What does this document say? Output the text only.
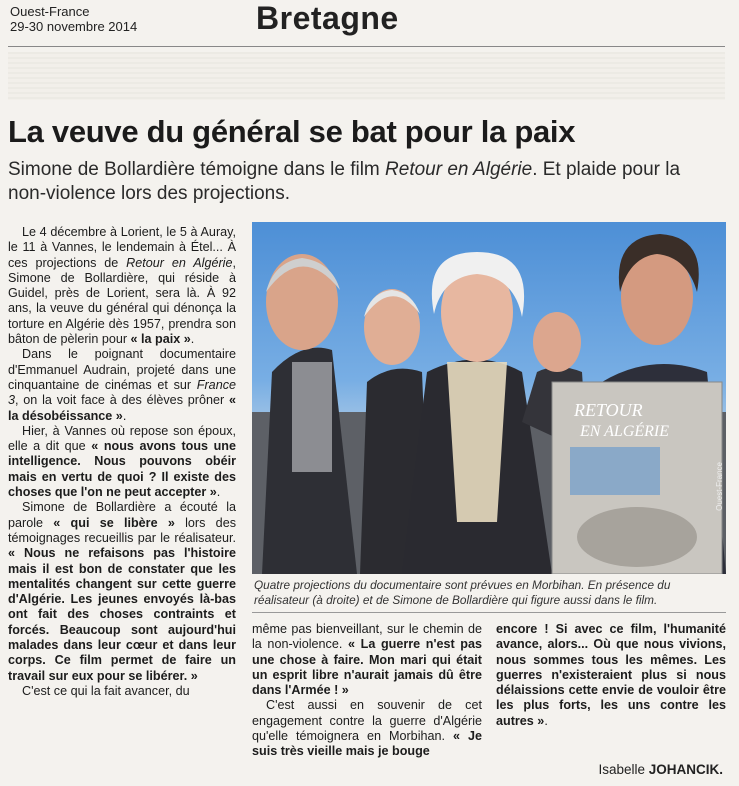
Ouest-France
29-30 novembre 2014	Bretagne
La veuve du général se bat pour la paix
Simone de Bollardière témoigne dans le film Retour en Algérie. Et plaide pour la non-violence lors des projections.

Le 4 décembre à Lorient, le 5 à Auray, le 11 à Vannes, le lendemain à Étel... À ces projections de Retour en Algérie, Simone de Bollardière, qui réside à Guidel, près de Lorient, sera là. À 92 ans, la veuve du général qui dénonça la torture en Algérie dès 1957, prendra son bâton de pèlerin pour « la paix ».

Dans le poignant documentaire d'Emmanuel Audrain, projeté dans une cinquantaine de cinémas et sur France 3, on la voit face à des élèves prôner « la désobéissance ».

Hier, à Vannes où repose son époux, elle a dit que « nous avons tous une intelligence. Nous pouvons obéir mais en vertu de quoi ? Il existe des choses que l'on ne peut accepter ».

Simone de Bollardière a écouté la parole « qui se libère » lors des témoignages recueillis par le réalisateur. « Nous ne refaisons pas l'histoire mais il est bon de constater que les mentalités changent sur cette guerre d'Algérie. Les jeunes envoyés là-bas ont fait des choses contraints et forcés. Beaucoup sont aujourd'hui malades dans leur cœur et dans leur corps. Ce film permet de faire un travail sur eux pour se libérer. »

C'est ce qui la fait avancer, du

RETOUR
EN ALGÉRIE
Ouest-France
Quatre projections du documentaire sont prévues en Morbihan. En présence du réalisateur (à droite) et de Simone de Bollardière qui figure aussi dans le film.

même pas bienveillant, sur le chemin de la non-violence. « La guerre n'est pas une chose à faire. Mon mari qui était un esprit libre n'aurait jamais dû être dans l'Armée ! »

C'est aussi en souvenir de cet engagement contre la guerre d'Algérie qu'elle témoignera en Morbihan. « Je suis très vieille mais je bouge

encore ! Si avec ce film, l'humanité avance, alors... Où que nous vivions, nous sommes tous les mêmes. Les guerres n'existeraient plus si nous délaissions cette envie de vouloir être les plus forts, les uns contre les autres ».

Isabelle JOHANCIK.
